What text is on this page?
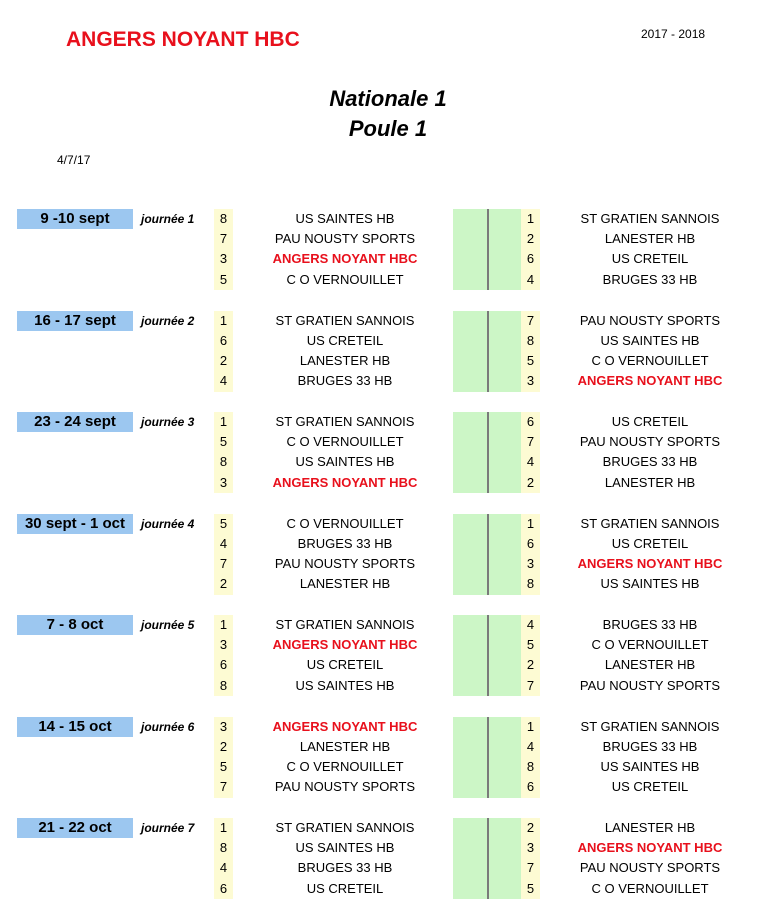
ANGERS NOYANT HBC	2017 - 2018
Nationale 1
Poule 1
4/7/17
9 -10 sept	journée 1	8	US SAINTES HB	1	ST GRATIEN SANNOIS
7	PAU NOUSTY SPORTS	2	LANESTER HB
3	ANGERS NOYANT HBC	6	US CRETEIL
5	C O VERNOUILLET	4	BRUGES 33 HB
16 - 17 sept	journée 2	1	ST GRATIEN SANNOIS	7	PAU NOUSTY SPORTS
6	US CRETEIL	8	US SAINTES HB
2	LANESTER HB	5	C O VERNOUILLET
4	BRUGES 33 HB	3	ANGERS NOYANT HBC
23 - 24 sept	journée 3	1	ST GRATIEN SANNOIS	6	US CRETEIL
5	C O VERNOUILLET	7	PAU NOUSTY SPORTS
8	US SAINTES HB	4	BRUGES 33 HB
3	ANGERS NOYANT HBC	2	LANESTER HB
30 sept - 1 oct	journée 4	5	C O VERNOUILLET	1	ST GRATIEN SANNOIS
4	BRUGES 33 HB	6	US CRETEIL
7	PAU NOUSTY SPORTS	3	ANGERS NOYANT HBC
2	LANESTER HB	8	US SAINTES HB
7 - 8 oct	journée 5	1	ST GRATIEN SANNOIS	4	BRUGES 33 HB
3	ANGERS NOYANT HBC	5	C O VERNOUILLET
6	US CRETEIL	2	LANESTER HB
8	US SAINTES HB	7	PAU NOUSTY SPORTS
14 - 15 oct	journée 6	3	ANGERS NOYANT HBC	1	ST GRATIEN SANNOIS
2	LANESTER HB	4	BRUGES 33 HB
5	C O VERNOUILLET	8	US SAINTES HB
7	PAU NOUSTY SPORTS	6	US CRETEIL
21 - 22 oct	journée 7	1	ST GRATIEN SANNOIS	2	LANESTER HB
8	US SAINTES HB	3	ANGERS NOYANT HBC
4	BRUGES 33 HB	7	PAU NOUSTY SPORTS
6	US CRETEIL	5	C O VERNOUILLET
